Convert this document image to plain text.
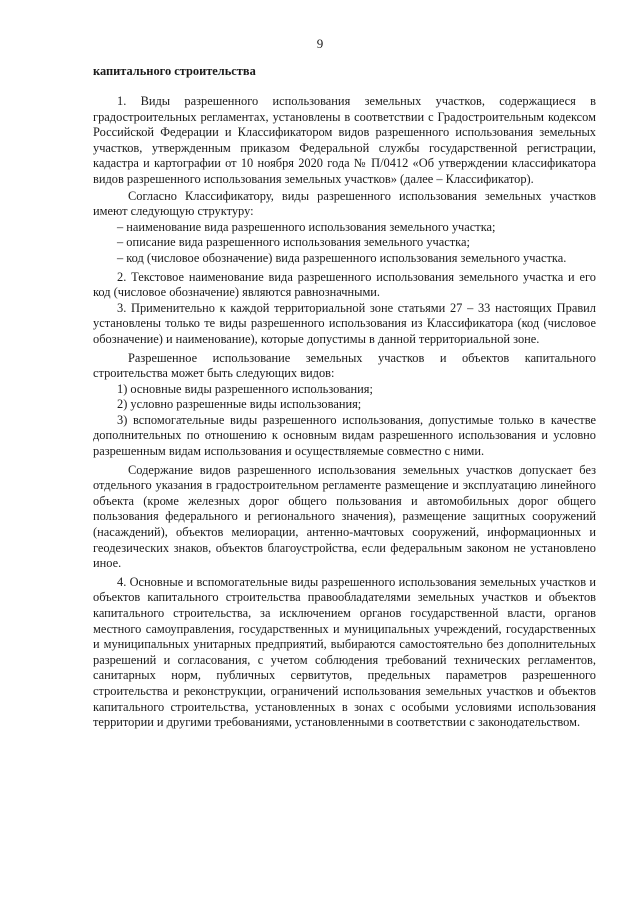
9
капитального строительства

1. Виды разрешенного использования земельных участков, содержащиеся в градостроительных регламентах, установлены в соответствии с Градостроительным кодексом Российской Федерации и Классификатором видов разрешенного использования земельных участков, утвержденным приказом Федеральной службы государственной регистрации, кадастра и картографии от 10 ноября 2020 года № П/0412 «Об утверждении классификатора видов разрешенного использования земельных участков» (далее – Классификатор).

Согласно Классификатору, виды разрешенного использования земельных участков имеют следующую структуру:

– наименование вида разрешенного использования земельного участка;

– описание вида разрешенного использования земельного участка;

– код (числовое обозначение) вида разрешенного использования земельного участка.

2. Текстовое наименование вида разрешенного использования земельного участка и его код (числовое обозначение) являются равнозначными.

3. Применительно к каждой территориальной зоне статьями 27 – 33 настоящих Правил установлены только те виды разрешенного использования из Классификатора (код (числовое обозначение) и наименование), которые допустимы в данной территориальной зоне.

Разрешенное использование земельных участков и объектов капитального строительства может быть следующих видов:

1) основные виды разрешенного использования;

2) условно разрешенные виды использования;

3) вспомогательные виды разрешенного использования, допустимые только в качестве дополнительных по отношению к основным видам разрешенного использования и условно разрешенным видам использования и осуществляемые совместно с ними.

Содержание видов разрешенного использования земельных участков допускает без отдельного указания в градостроительном регламенте размещение и эксплуатацию линейного объекта (кроме железных дорог общего пользования и автомобильных дорог общего пользования федерального и регионального значения), размещение защитных сооружений (насаждений), объектов мелиорации, антенно-мачтовых сооружений, информационных и геодезических знаков, объектов благоустройства, если федеральным законом не установлено иное.

4. Основные и вспомогательные виды разрешенного использования земельных участков и объектов капитального строительства правообладателями земельных участков и объектов капитального строительства, за исключением органов государственной власти, органов местного самоуправления, государственных и муниципальных учреждений, государственных и муниципальных унитарных предприятий, выбираются самостоятельно без дополнительных разрешений и согласования, с учетом соблюдения требований технических регламентов, санитарных норм, публичных сервитутов, предельных параметров разрешенного строительства и реконструкции, ограничений использования земельных участков и объектов капитального строительства, установленных в зонах с особыми условиями использования территории и другими требованиями, установленными в соответствии с законодательством.
